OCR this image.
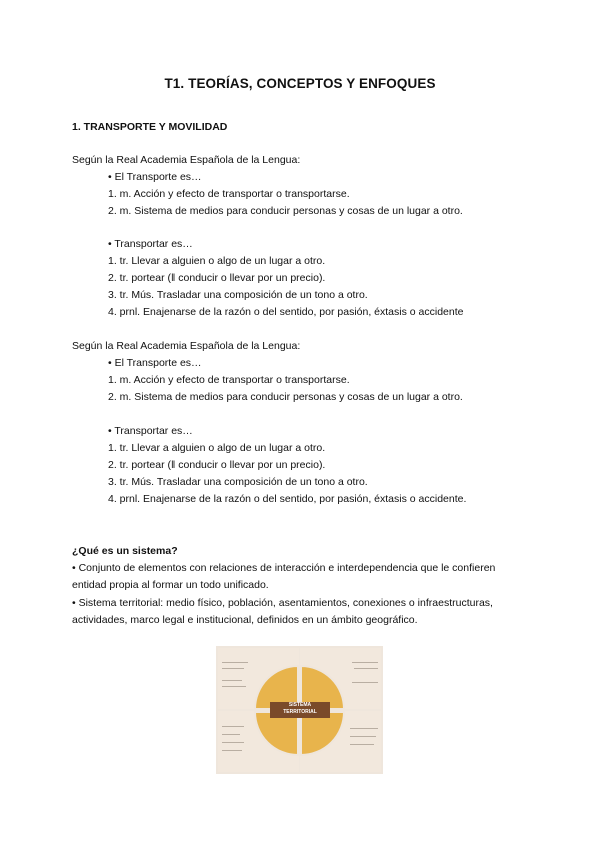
T1. TEORÍAS, CONCEPTOS Y ENFOQUES
1. TRANSPORTE Y MOVILIDAD
Según la Real Academia Española de la Lengua:
• El Transporte es…
1. m. Acción y efecto de transportar o transportarse.
2. m. Sistema de medios para conducir personas y cosas de un lugar a otro.
• Transportar es…
1. tr. Llevar a alguien o algo de un lugar a otro.
2. tr. portear (ǁ conducir o llevar por un precio).
3. tr. Mús. Trasladar una composición de un tono a otro.
4. prnl. Enajenarse de la razón o del sentido, por pasión, éxtasis o accidente
Según la Real Academia Española de la Lengua:
• El Transporte es…
1. m. Acción y efecto de transportar o transportarse.
2. m. Sistema de medios para conducir personas y cosas de un lugar a otro.
• Transportar es…
1. tr. Llevar a alguien o algo de un lugar a otro.
2. tr. portear (ǁ conducir o llevar por un precio).
3. tr. Mús. Trasladar una composición de un tono a otro.
4. prnl. Enajenarse de la razón o del sentido, por pasión, éxtasis o accidente.
¿Qué es un sistema?
• Conjunto de elementos con relaciones de interacción e interdependencia que le confieren
entidad propia al formar un todo unificado.
• Sistema territorial: medio físico, población, asentamientos, conexiones o infraestructuras,
actividades, marco legal e institucional, definidos en un ámbito geográfico.
SISTEMA
TERRITORIAL
